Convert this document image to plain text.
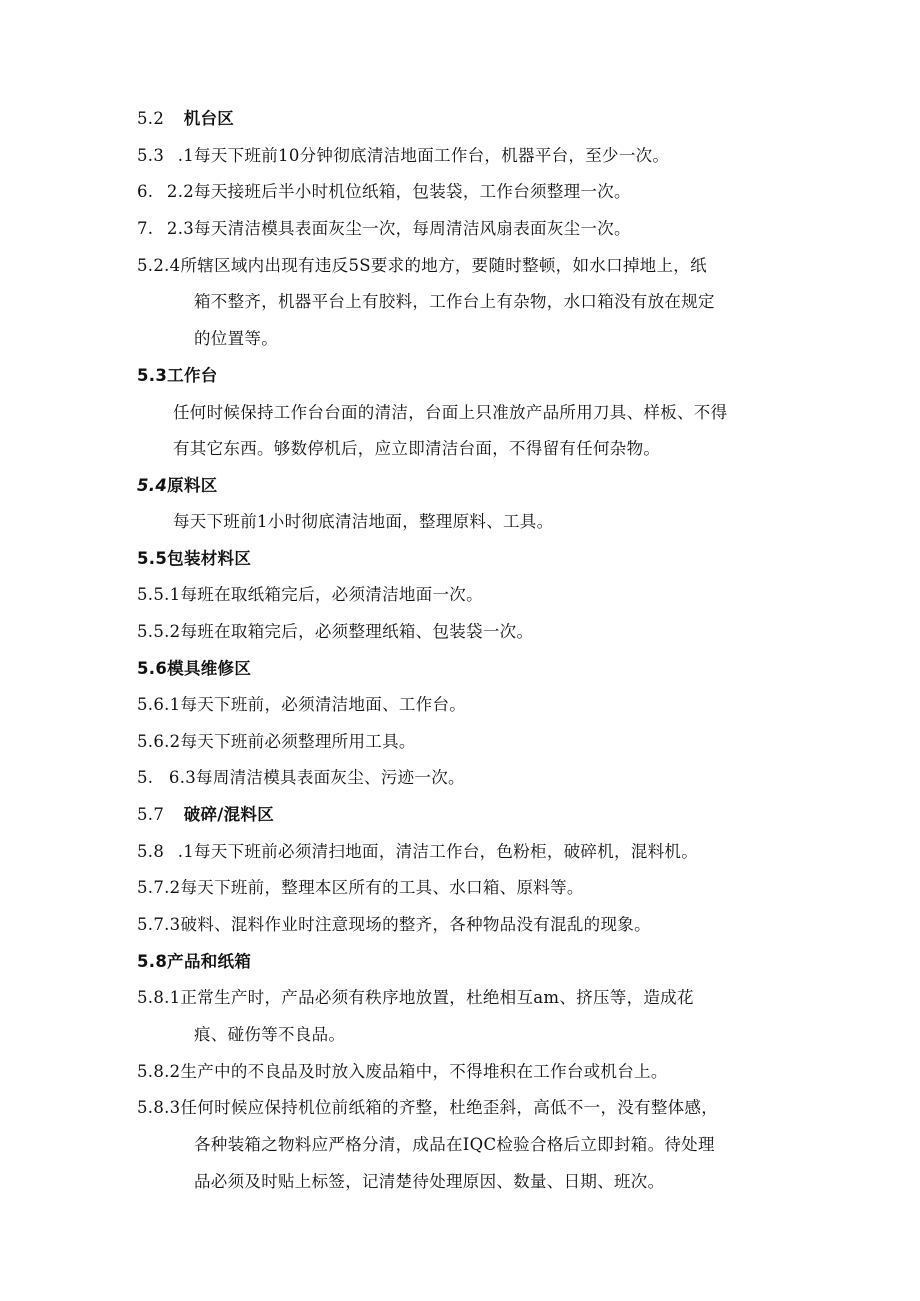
5.2 机台区
5.3 .1每天下班前10分钟彻底清洁地面工作台，机器平台，至少一次。
6. 2.2每天接班后半小时机位纸箱，包装袋，工作台须整理一次。
7. 2.3每天清洁模具表面灰尘一次，每周清洁风扇表面灰尘一次。
5.2.4所辖区域内出现有违反5S要求的地方，要随时整顿，如水口掉地上，纸
箱不整齐，机器平台上有胶料，工作台上有杂物，水口箱没有放在规定
的位置等。
5.3工作台
任何时候保持工作台台面的清洁，台面上只准放产品所用刀具、样板、不得
有其它东西。够数停机后，应立即清洁台面，不得留有任何杂物。
5.4原料区
每天下班前1小时彻底清洁地面，整理原料、工具。
5.5包装材料区
5.5.1每班在取纸箱完后，必须清洁地面一次。
5.5.2每班在取箱完后，必须整理纸箱、包装袋一次。
5.6模具维修区
5.6.1每天下班前，必须清洁地面、工作台。
5.6.2每天下班前必须整理所用工具。
5. 6.3每周清洁模具表面灰尘、污迹一次。
5.7 破碎/混料区
5.8 .1每天下班前必须清扫地面，清洁工作台，色粉柜，破碎机，混料机。
5.7.2每天下班前，整理本区所有的工具、水口箱、原料等。
5.7.3破料、混料作业时注意现场的整齐，各种物品没有混乱的现象。
5.8产品和纸箱
5.8.1正常生产时，产品必须有秩序地放置，杜绝相互am、挤压等，造成花
痕、碰伤等不良品。
5.8.2生产中的不良品及时放入废品箱中，不得堆积在工作台或机台上。
5.8.3任何时候应保持机位前纸箱的齐整，杜绝歪斜，高低不一，没有整体感，
各种装箱之物料应严格分清，成品在IQC检验合格后立即封箱。待处理
品必须及时贴上标签，记清楚待处理原因、数量、日期、班次。
